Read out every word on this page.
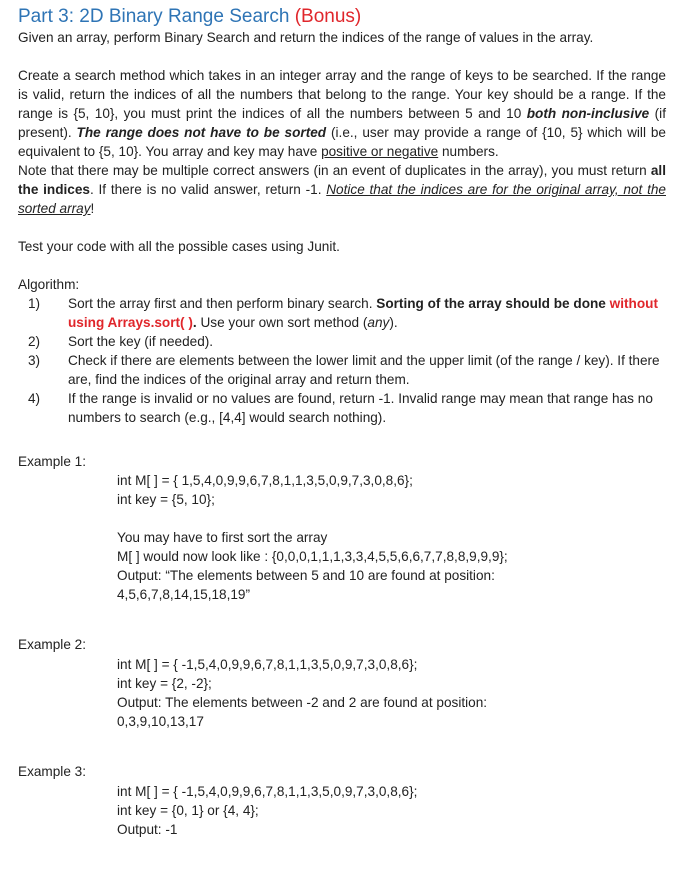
Part 3: 2D Binary Range Search (Bonus)

Given an array, perform Binary Search and return the indices of the range of values in the array.

Create a search method which takes in an integer array and the range of keys to be searched. If the range is valid, return the indices of all the numbers that belong to the range. Your key should be a range. If the range is {5, 10}, you must print the indices of all the numbers between 5 and 10 both non-inclusive (if present). The range does not have to be sorted (i.e., user may provide a range of {10, 5} which will be equivalent to {5, 10}. You array and key may have positive or negative numbers.

Note that there may be multiple correct answers (in an event of duplicates in the array), you must return all the indices. If there is no valid answer, return -1. Notice that the indices are for the original array, not the sorted array!

Test your code with all the possible cases using Junit.

Algorithm:

1) Sort the array first and then perform binary search. Sorting of the array should be done without using Arrays.sort( ). Use your own sort method (any).
2) Sort the key (if needed).
3) Check if there are elements between the lower limit and the upper limit (of the range / key). If there are, find the indices of the original array and return them.
4) If the range is invalid or no values are found, return -1. Invalid range may mean that range has no numbers to search (e.g., [4,4] would search nothing).
Example 1:
int M[ ] = { 1,5,4,0,9,9,6,7,8,1,1,3,5,0,9,7,3,0,8,6};
int key = {5, 10};
You may have to first sort the array
M[ ] would now look like : {0,0,0,1,1,1,3,3,4,5,5,6,6,7,7,8,8,9,9,9};
Output: “The elements between 5 and 10 are found at position:
4,5,6,7,8,14,15,18,19”
Example 2:
int M[ ] = { -1,5,4,0,9,9,6,7,8,1,1,3,5,0,9,7,3,0,8,6};
int key = {2, -2};
Output: The elements between -2 and 2 are found at position:
0,3,9,10,13,17
Example 3:
int M[ ] = { -1,5,4,0,9,9,6,7,8,1,1,3,5,0,9,7,3,0,8,6};
int key = {0, 1} or {4, 4};
Output: -1
